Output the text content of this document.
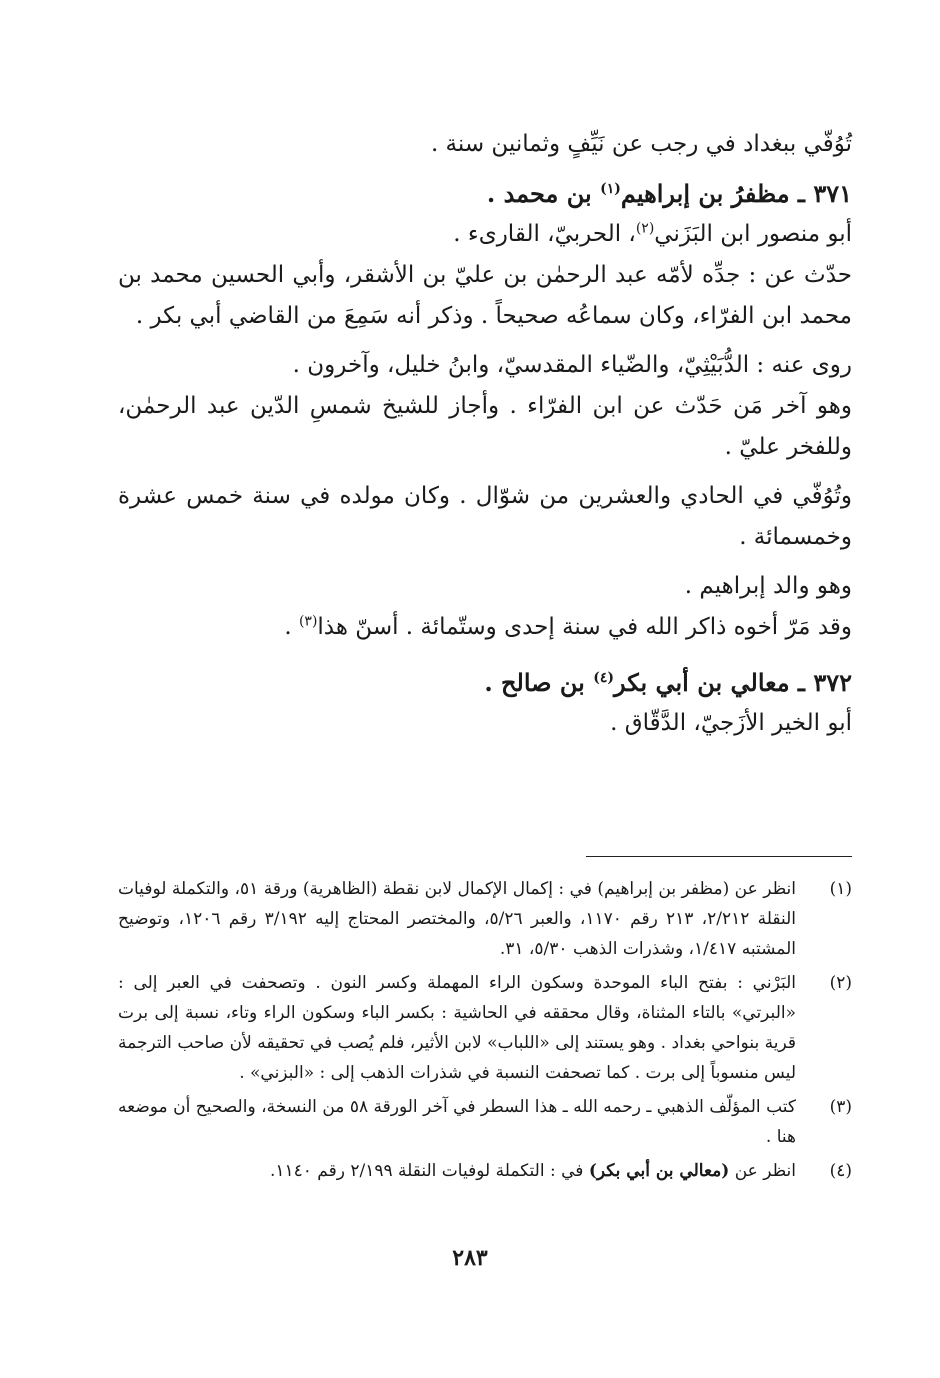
تُوُفّي ببغداد في رجب عن نَيِّفٍ وثمانين سنة .

٣٧١ ـ مظفرُ بن إبراهيم$^{(١)}$ بن محمد .

أبو منصور ابن البَزَني$^{(٢)}$، الحربيّ، القارىء .

حدّث عن : جدِّه لأمّه عبد الرحمٰن بن عليّ بن الأشقر، وأبي الحسين محمد بن محمد ابن الفرّاء، وكان سماعُه صحيحاً . وذكر أنه سَمِعَ من القاضي أبي بكر .

روى عنه : الدُّبَيْثِيّ، والضّياء المقدسيّ، وابنُ خليل، وآخرون .

وهو آخر مَن حَدّث عن ابن الفرّاء . وأجاز للشيخ شمسِ الدّين عبد الرحمٰن، وللفخر عليّ .

وتُوُفّي في الحادي والعشرين من شوّال . وكان مولده في سنة خمس عشرة وخمسمائة .

وهو والد إبراهيم .

وقد مَرّ أخوه ذاكر الله في سنة إحدى وستّمائة . أسنّ هذا$^{(٣)}$ .

٣٧٢ ـ معالي بن أبي بكر$^{(٤)}$ بن صالح .

أبو الخير الأزَجيّ، الدَّقّاق .

(١)
انظر عن (مظفر بن إبراهيم) في : إكمال الإكمال لابن نقطة (الظاهرية) ورقة ٥١، والتكملة لوفيات النقلة ٢/٢١٢، ٢١٣ رقم ١١٧٠، والعبر ٥/٢٦، والمختصر المحتاج إليه ٣/١٩٢ رقم ١٢٠٦، وتوضيح المشتبه ١/٤١٧، وشذرات الذهب ٥/٣٠، ٣١.
(٢)
البَرْني : بفتح الباء الموحدة وسكون الراء المهملة وكسر النون . وتصحفت في العبر إلى : «البرتي» بالتاء المثناة، وقال محققه في الحاشية : بكسر الباء وسكون الراء وتاء، نسبة إلى برت قرية بنواحي بغداد . وهو يستند إلى «اللباب» لابن الأثير، فلم يُصب في تحقيقه لأن صاحب الترجمة ليس منسوباً إلى برت . كما تصحفت النسبة في شذرات الذهب إلى : «البزني» .
(٣)
كتب المؤلّف الذهبي ـ رحمه الله ـ هذا السطر في آخر الورقة ٥٨ من النسخة، والصحيح أن موضعه هنا .
(٤)
انظر عن (معالي بن أبي بكر) في : التكملة لوفيات النقلة ٢/١٩٩ رقم ١١٤٠.
٢٨٣
